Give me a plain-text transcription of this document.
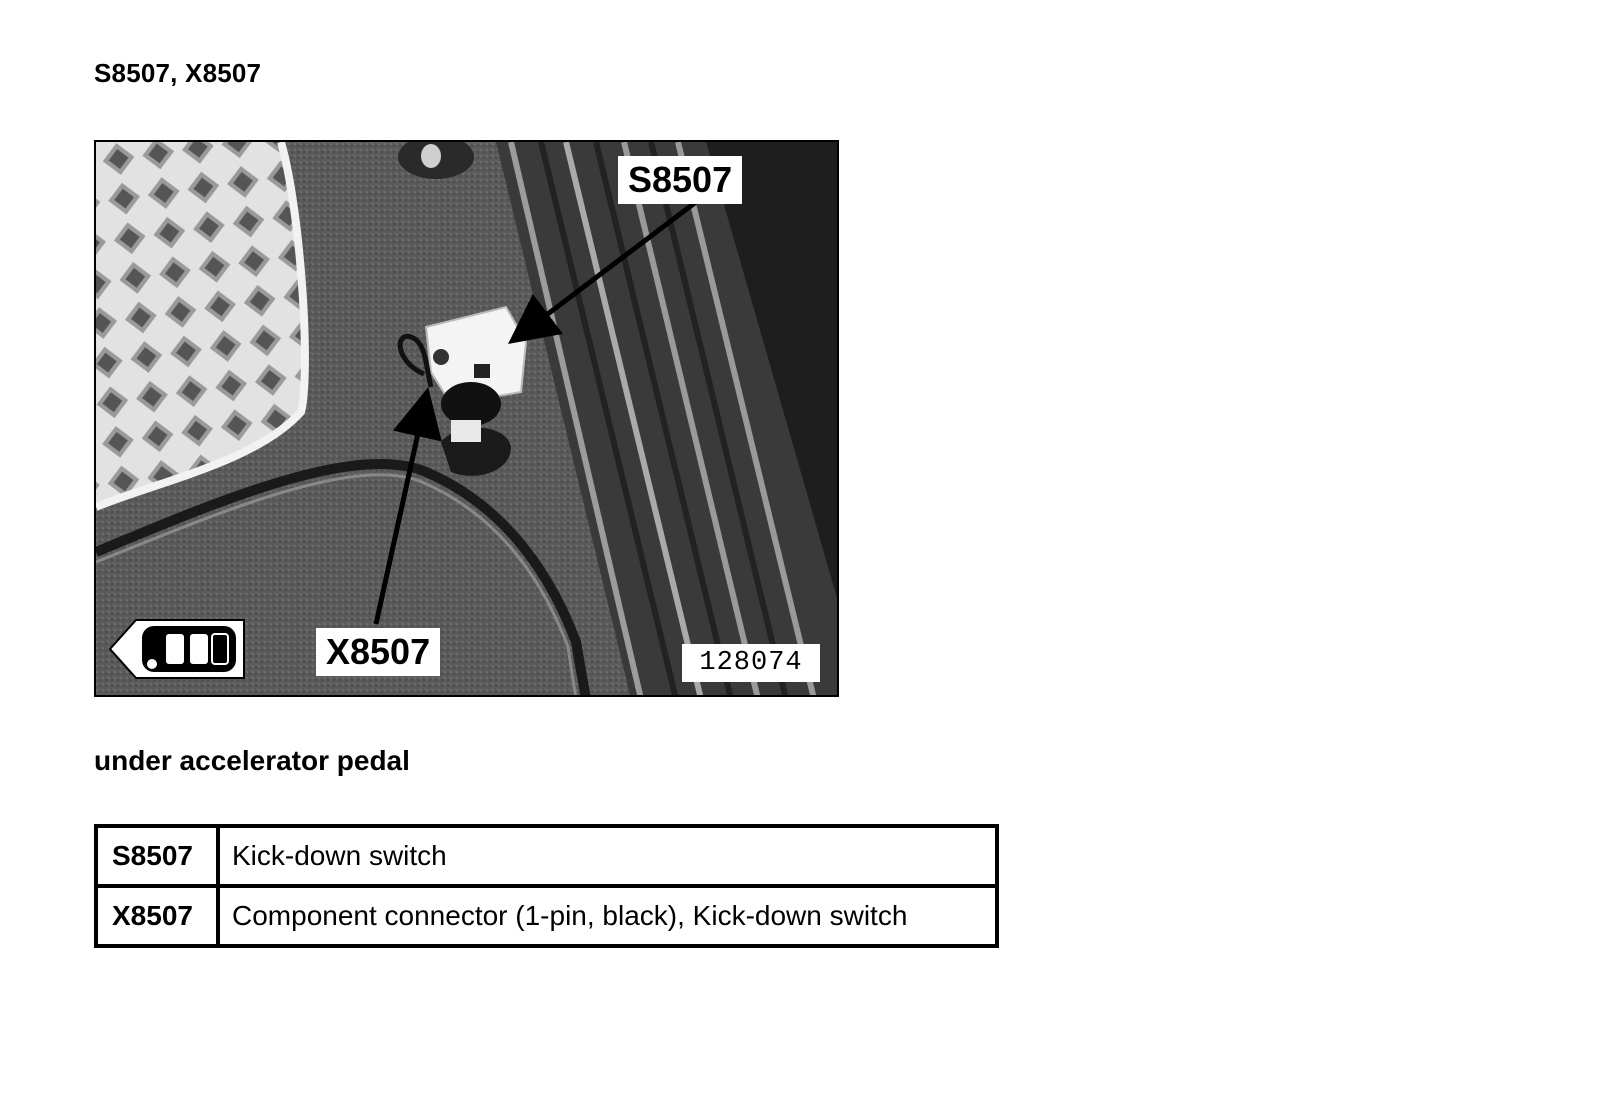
S8507, X8507
S8507
X8507	128074
under accelerator pedal
S8507	Kick-down switch
X8507	Component connector (1-pin, black), Kick-down switch
